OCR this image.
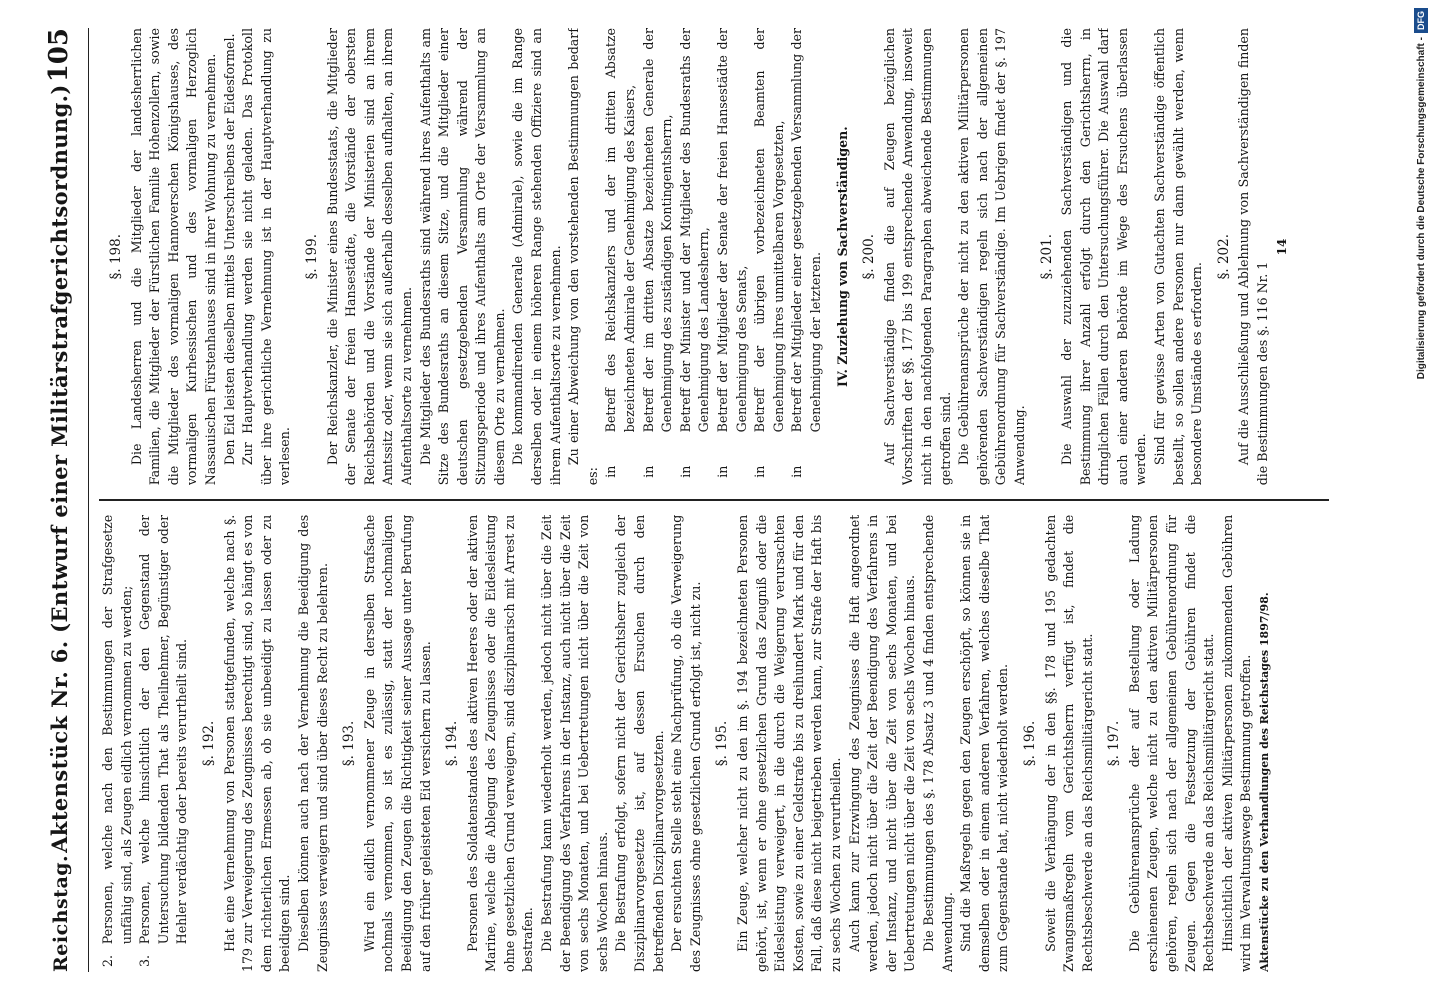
Reichstag.
Aktenstück Nr. 6. (Entwurf einer Militärstrafgerichtsordnung.)
105

2.
Personen, welche nach den Bestimmungen der Strafgesetze unfähig sind, als Zeugen eidlich vernommen zu werden;

3.
Personen, welche hinsichtlich der den Gegenstand der Untersuchung bildenden That als Theilnehmer, Begünstiger oder Hehler verdächtig oder bereits verurtheilt sind. §. 192. Hat eine Vernehmung von Personen stattgefunden, welche nach §. 179 zur Verweigerung des Zeugnisses berechtigt sind, so hängt es von dem richterlichen Ermessen ab, ob sie unbeeidigt zu lassen oder zu beeidigen sind. Dieselben können auch nach der Vernehmung die Beeidigung des Zeugnisses verweigern und sind über dieses Recht zu belehren. §. 193. Wird ein eidlich vernommener Zeuge in derselben Strafsache nochmals vernommen, so ist es zulässig, statt der nochmaligen Beeidigung den Zeugen die Richtigkeit seiner Aussage unter Berufung auf den früher geleisteten Eid versichern zu lassen. §. 194. Personen des Soldatenstandes des aktiven Heeres oder der aktiven Marine, welche die Ablegung des Zeugnisses oder die Eidesleistung ohne gesetzlichen Grund verweigern, sind disziplinarisch mit Arrest zu bestrafen. Die Bestrafung kann wiederholt werden, jedoch nicht über die Zeit der Beendigung des Verfahrens in der Instanz, auch nicht über die Zeit von sechs Monaten, und bei Uebertretungen nicht über die Zeit von sechs Wochen hinaus. Die Bestrafung erfolgt, sofern nicht der Gerichtsherr zugleich der Disziplinarvorgesetzte ist, auf dessen Ersuchen durch den betreffenden Disziplinarvorgesetzten. Der ersuchten Stelle steht eine Nachprüfung, ob die Verweigerung des Zeugnisses ohne gesetzlichen Grund erfolgt ist, nicht zu. §. 195. Ein Zeuge, welcher nicht zu den im §. 194 bezeichneten Personen gehört, ist, wenn er ohne gesetzlichen Grund das Zeugniß oder die Eidesleistung verweigert, in die durch die Weigerung verursachten Kosten, sowie zu einer Geldstrafe bis zu dreihundert Mark und für den Fall, daß diese nicht beigetrieben werden kann, zur Strafe der Haft bis zu sechs Wochen zu verurtheilen. Auch kann zur Erzwingung des Zeugnisses die Haft angeordnet werden, jedoch nicht über die Zeit der Beendigung des Verfahrens in der Instanz, und nicht über die Zeit von sechs Monaten, und bei Uebertretungen nicht über die Zeit von sechs Wochen hinaus. Die Bestimmungen des §. 178 Absatz 3 und 4 finden entsprechende Anwendung. Sind die Maßregeln gegen den Zeugen erschöpft, so können sie in demselben oder in einem anderen Verfahren, welches dieselbe That zum Gegenstande hat, nicht wiederholt werden. §. 196. Soweit die Verhängung der in den §§. 178 und 195 gedachten Zwangsmaßregeln vom Gerichtsherrn verfügt ist, findet die Rechtsbeschwerde an das Reichsmilitärgericht statt. §. 197. Die Gebührenansprüche der auf Bestellung oder Ladung erschienenen Zeugen, welche nicht zu den aktiven Militärpersonen gehören, regeln sich nach der allgemeinen Gebührenordnung für Zeugen. Gegen die Festsetzung der Gebühren findet die Rechtsbeschwerde an das Reichsmilitärgericht statt. Hinsichtlich der aktiven Militärpersonen zukommenden Gebühren wird im Verwaltungswege Bestimmung getroffen. Aktenstücke zu den Verhandlungen des Reichstages 1897/98.

§. 198. Die Landesherren und die Mitglieder der landesherrlichen Familien, die Mitglieder der Fürstlichen Familie Hohenzollern, sowie die Mitglieder des vormaligen Hannoverschen Königshauses, des vormaligen Kurhessischen und des vormaligen Herzoglich Nassauischen Fürstenhauses sind in ihrer Wohnung zu vernehmen. Den Eid leisten dieselben mittels Unterschreibens der Eidesformel. Zur Hauptverhandlung werden sie nicht geladen. Das Protokoll über ihre gerichtliche Vernehmung ist in der Hauptverhandlung zu verlesen.

§. 199. Der Reichskanzler, die Minister eines Bundesstaats, die Mitglieder der Senate der freien Hansestädte, die Vorstände der obersten Reichsbehörden und die Vorstände der Ministerien sind an ihrem Amtssitz oder, wenn sie sich außerhalb desselben aufhalten, an ihrem Aufenthaltsorte zu vernehmen. Die Mitglieder des Bundesraths sind während ihres Aufenthalts am Sitze des Bundesraths an diesem Sitze, und die Mitglieder einer deutschen gesetzgebenden Versammlung während der Sitzungsperiode und ihres Aufenthalts am Orte der Versammlung an diesem Orte zu vernehmen. Die kommandirenden Generale (Admirale), sowie die im Range derselben oder in einem höheren Range stehenden Offiziere sind an ihrem Aufenthaltsorte zu vernehmen. Zu einer Abweichung von den vorstehenden Bestimmungen bedarf es: in
Betreff des Reichskanzlers und der im dritten Absatze bezeichneten Admirale der Genehmigung des Kaisers,

in
Betreff der im dritten Absatze bezeichneten Generale der Genehmigung des zuständigen Kontingentsherrn,

in
Betreff der Minister und der Mitglieder des Bundesraths der Genehmigung des Landesherrn,

in
Betreff der Mitglieder der Senate der freien Hansestädte der Genehmigung des Senats,

in
Betreff der übrigen vorbezeichneten Beamten der Genehmigung ihres unmittelbaren Vorgesetzten,

in
Betreff der Mitglieder einer gesetzgebenden Versammlung der Genehmigung der letzteren. IV. Zuziehung von Sachverständigen. §. 200. Auf Sachverständige finden die auf Zeugen bezüglichen Vorschriften der §§. 177 bis 199 entsprechende Anwendung, insoweit nicht in den nachfolgenden Paragraphen abweichende Bestimmungen getroffen sind. Die Gebührenansprüche der nicht zu den aktiven Militärpersonen gehörenden Sachverständigen regeln sich nach der allgemeinen Gebührenordnung für Sachverständige. Im Uebrigen findet der §. 197 Anwendung.

§. 201. Die Auswahl der zuzuziehenden Sachverständigen und die Bestimmung ihrer Anzahl erfolgt durch den Gerichtsherrn, in dringlichen Fällen durch den Untersuchungsführer. Die Auswahl darf auch einer anderen Behörde im Wege des Ersuchens überlassen werden. Sind für gewisse Arten von Gutachten Sachverständige öffentlich bestellt, so sollen andere Personen nur dann gewählt werden, wenn besondere Umstände es erfordern.

§. 202. Auf die Ausschließung und Ablehnung von Sachverständigen finden die Bestimmungen des §. 116 Nr. 1

14	Digitalisierung gefördert durch die Deutsche Forschungsgemeinschaft -DFG
